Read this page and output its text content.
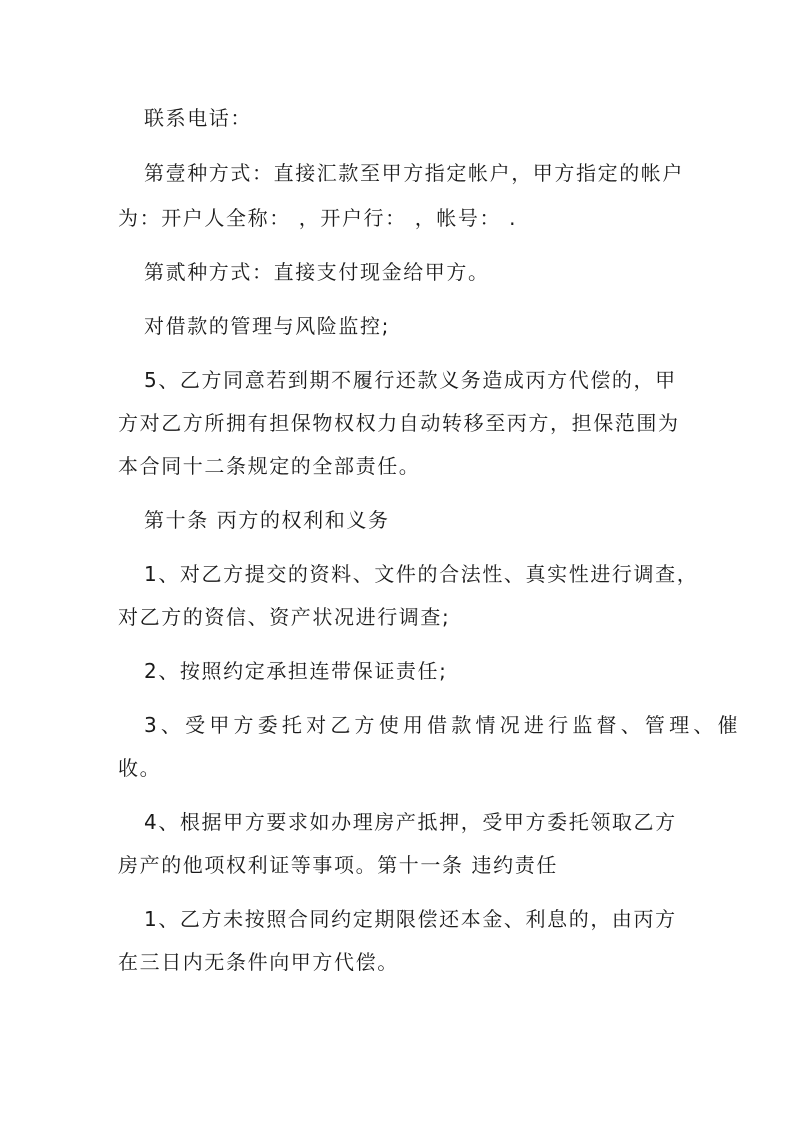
联系电话：
第壹种方式：直接汇款至甲方指定帐户，甲方指定的帐户
为：开户人全称： ，开户行： ，帐号： .
第贰种方式：直接支付现金给甲方。
对借款的管理与风险监控;
5、乙方同意若到期不履行还款义务造成丙方代偿的，甲
方对乙方所拥有担保物权权力自动转移至丙方，担保范围为
本合同十二条规定的全部责任。
第十条 丙方的权利和义务
1、对乙方提交的资料、文件的合法性、真实性进行调查，
对乙方的资信、资产状况进行调查;
2、按照约定承担连带保证责任;
3、受甲方委托对乙方使用借款情况进行监督、管理、催
收。
4、根据甲方要求如办理房产抵押，受甲方委托领取乙方
房产的他项权利证等事项。第十一条 违约责任
1、乙方未按照合同约定期限偿还本金、利息的，由丙方
在三日内无条件向甲方代偿。
